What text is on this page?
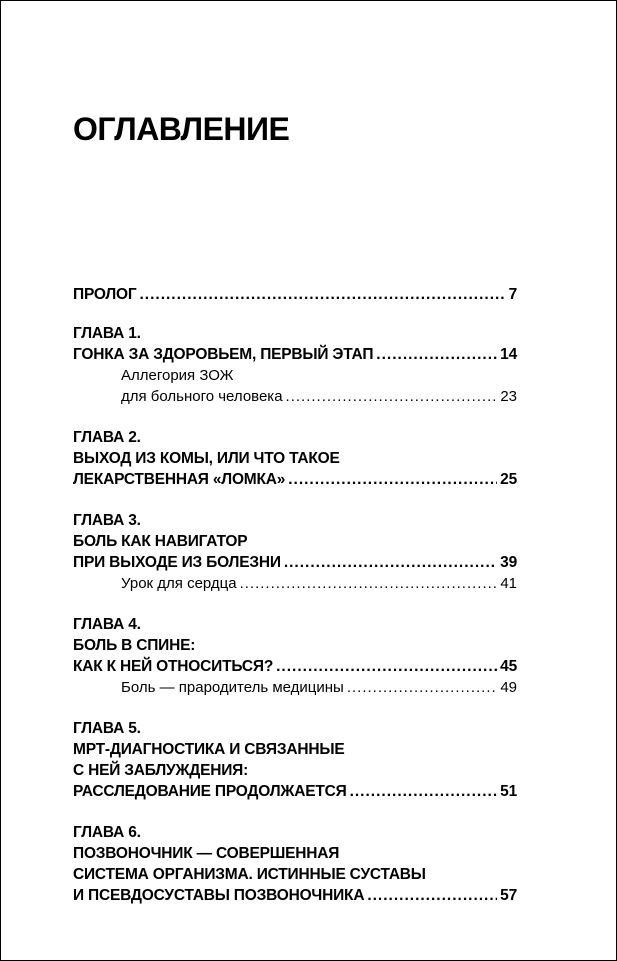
ОГЛАВЛЕНИЕ
ПРОЛОГ .....	7
ГЛАВА 1.
ГОНКА ЗА ЗДОРОВЬЕМ, ПЕРВЫЙ ЭТАП .....	14
Аллегория ЗОЖ
для больного человека .....	23
ГЛАВА 2.
ВЫХОД ИЗ КОМЫ, ИЛИ ЧТО ТАКОЕ
ЛЕКАРСТВЕННАЯ «ЛОМКА» .....	25
ГЛАВА 3.
БОЛЬ КАК НАВИГАТОР
ПРИ ВЫХОДЕ ИЗ БОЛЕЗНИ .....	39
Урок для сердца .....	41
ГЛАВА 4.
БОЛЬ В СПИНЕ:
КАК К НЕЙ ОТНОСИТЬСЯ? .....	45
Боль — прародитель медицины .....	49
ГЛАВА 5.
МРТ-ДИАГНОСТИКА И СВЯЗАННЫЕ
С НЕЙ ЗАБЛУЖДЕНИЯ:
РАССЛЕДОВАНИЕ ПРОДОЛЖАЕТСЯ .....	51
ГЛАВА 6.
ПОЗВОНОЧНИК — СОВЕРШЕННАЯ
СИСТЕМА ОРГАНИЗМА. ИСТИННЫЕ СУСТАВЫ
И ПСЕВДОСУСТАВЫ ПОЗВОНОЧНИКА .....	57
